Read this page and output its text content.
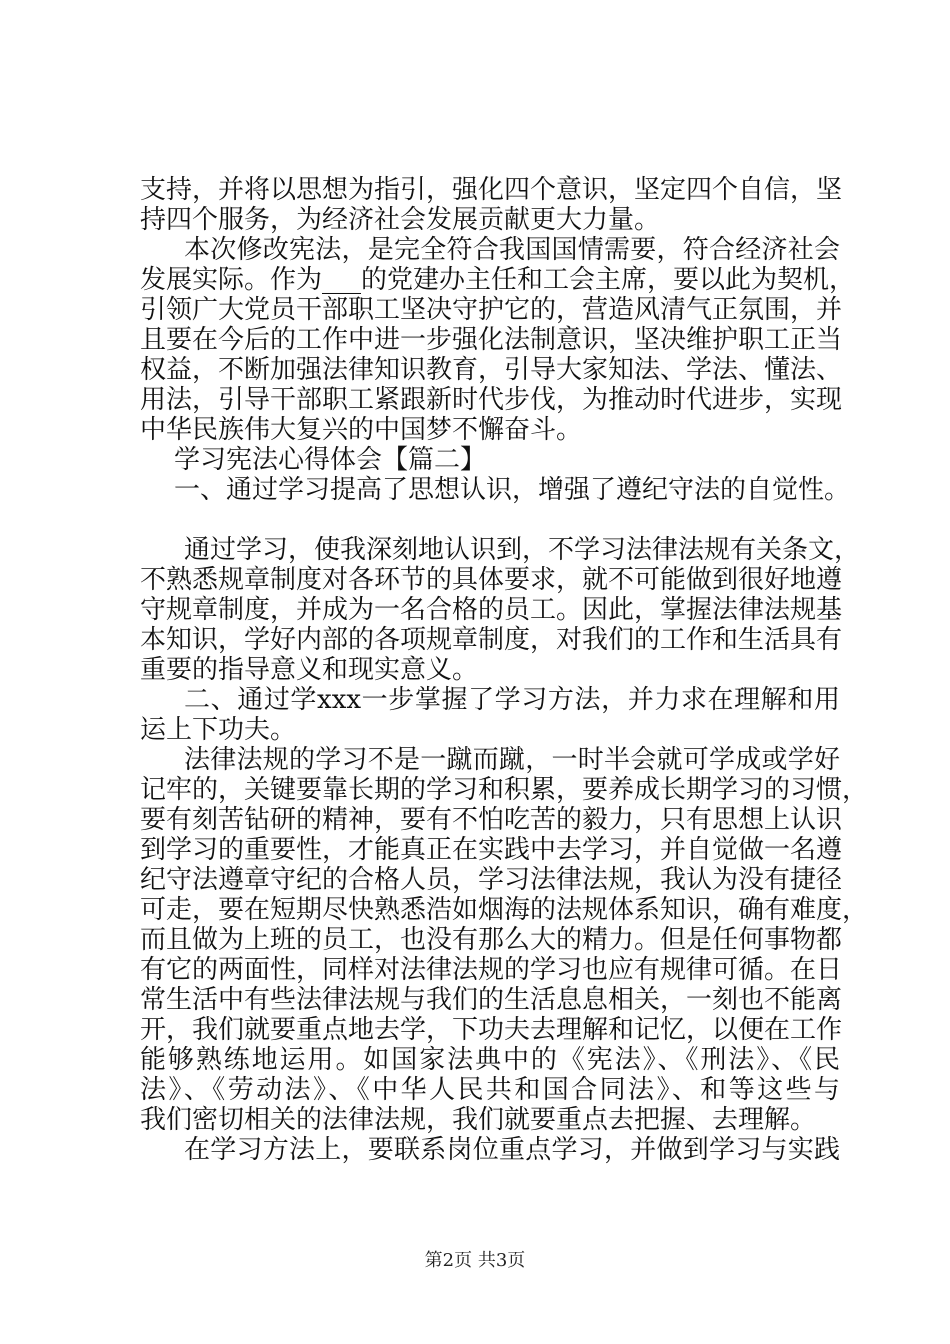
支持，并将以思想为指引，强化四个意识，坚定四个自信，坚
持四个服务，为经济社会发展贡献更大力量。
本次修改宪法，是完全符合我国国情需要，符合经济社会
发展实际。作为___的党建办主任和工会主席，要以此为契机，
引领广大党员干部职工坚决守护它的，营造风清气正氛围，并
且要在今后的工作中进一步强化法制意识，坚决维护职工正当
权益，不断加强法律知识教育，引导大家知法、学法、懂法、
用法，引导干部职工紧跟新时代步伐，为推动时代进步，实现
中华民族伟大复兴的中国梦不懈奋斗。
学习宪法心得体会【篇二】
一、通过学习提高了思想认识，增强了遵纪守法的自觉性。
通过学习，使我深刻地认识到，不学习法律法规有关条文，
不熟悉规章制度对各环节的具体要求，就不可能做到很好地遵
守规章制度，并成为一名合格的员工。因此，掌握法律法规基
本知识，学好内部的各项规章制度，对我们的工作和生活具有
重要的指导意义和现实意义。
二、通过学xxx一步掌握了学习方法，并力求在理解和用
运上下功夫。
法律法规的学习不是一蹴而蹴，一时半会就可学成或学好
记牢的，关键要靠长期的学习和积累，要养成长期学习的习惯，
要有刻苦钻研的精神，要有不怕吃苦的毅力，只有思想上认识
到学习的重要性，才能真正在实践中去学习，并自觉做一名遵
纪守法遵章守纪的合格人员，学习法律法规，我认为没有捷径
可走，要在短期尽快熟悉浩如烟海的法规体系知识，确有难度，
而且做为上班的员工，也没有那么大的精力。但是任何事物都
有它的两面性，同样对法律法规的学习也应有规律可循。在日
常生活中有些法律法规与我们的生活息息相关，一刻也不能离
开，我们就要重点地去学，下功夫去理解和记忆，以便在工作
能够熟练地运用。如国家法典中的《宪法》、《刑法》、《民
法》、《劳动法》、《中华人民共和国合同法》、和等这些与
我们密切相关的法律法规，我们就要重点去把握、去理解。
在学习方法上，要联系岗位重点学习，并做到学习与实践
第2页 共3页
